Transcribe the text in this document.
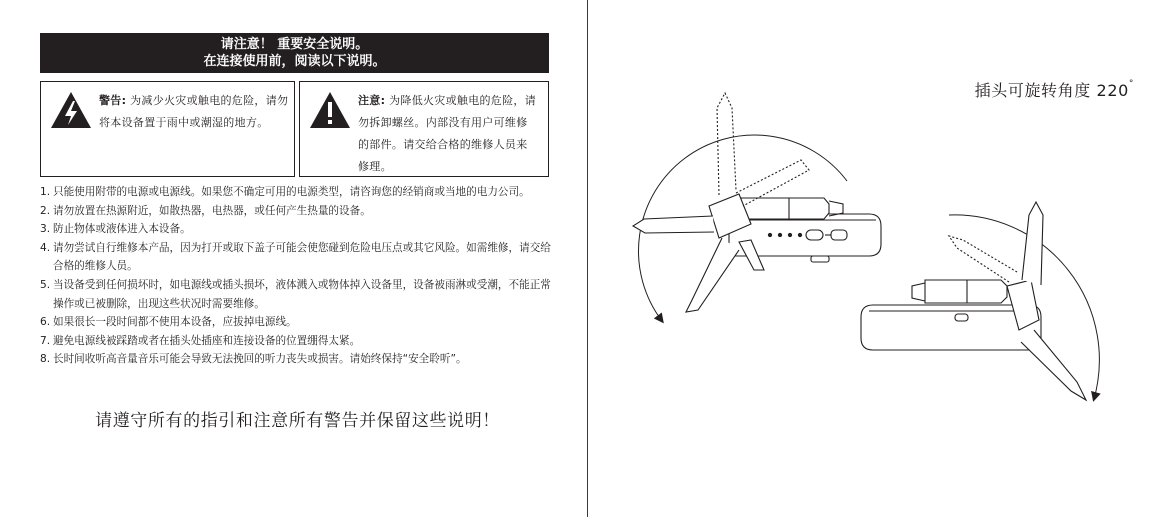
请注意！ 重要安全说明。
在连接使用前，阅读以下说明。
警告: 为减少火灾或触电的危险，请勿将本设备置于雨中或潮湿的地方。
注意: 为降低火灾或触电的危险，请勿拆卸螺丝。内部没有用户可维修的部件。请交给合格的维修人员来修理。
1. 只能使用附带的电源或电源线。如果您不确定可用的电源类型，请咨询您的经销商或当地的电力公司。
2. 请勿放置在热源附近，如散热器，电热器，或任何产生热量的设备。
3. 防止物体或液体进入本设备。
4. 请勿尝试自行维修本产品，因为打开或取下盖子可能会使您碰到危险电压点或其它风险。如需维修，请交给合格的维修人员。
5. 当设备受到任何损坏时，如电源线或插头损坏，液体溅入或物体掉入设备里，设备被雨淋或受潮，不能正常操作或已被删除，出现这些状况时需要维修。
6. 如果很长一段时间都不使用本设备，应拔掉电源线。
7. 避免电源线被踩踏或者在插头处插座和连接设备的位置绷得太紧。
8. 长时间收听高音量音乐可能会导致无法挽回的听力丧失或损害。请始终保持“安全聆听”。
请遵守所有的指引和注意所有警告并保留这些说明！
插头可旋转角度 220°
